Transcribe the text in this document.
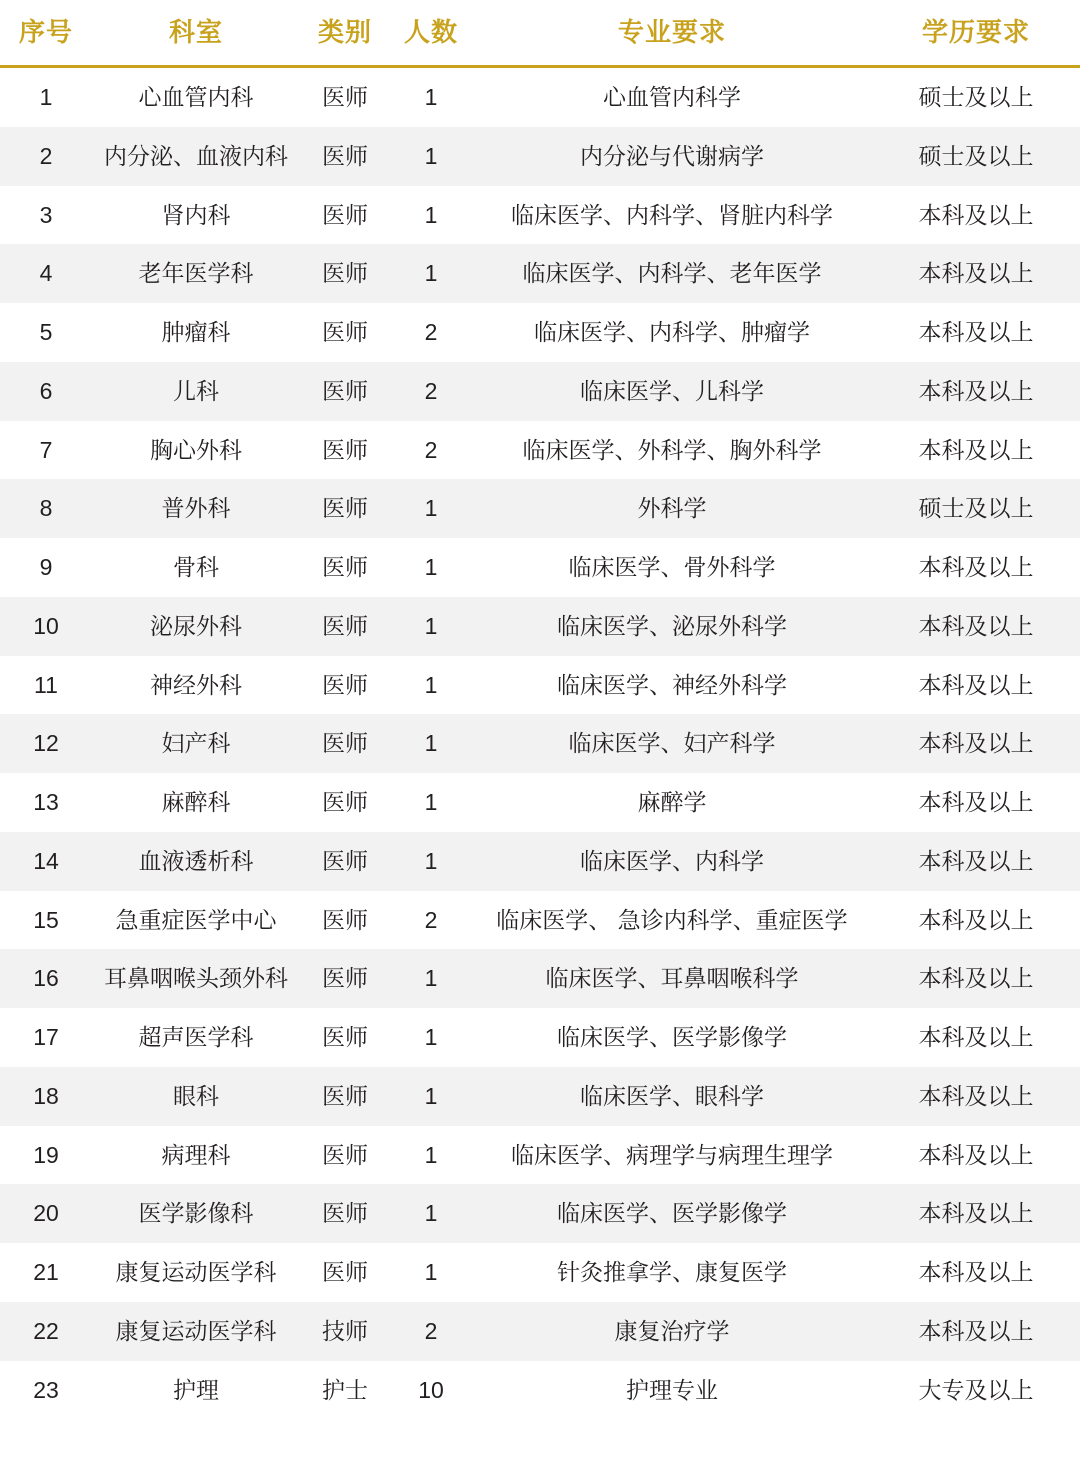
序号	科室	类别	人数	专业要求	学历要求
1	心血管内科	医师	1	心血管内科学	硕士及以上
2	内分泌、血液内科	医师	1	内分泌与代谢病学	硕士及以上
3	肾内科	医师	1	临床医学、内科学、肾脏内科学	本科及以上
4	老年医学科	医师	1	临床医学、内科学、老年医学	本科及以上
5	肿瘤科	医师	2	临床医学、内科学、肿瘤学	本科及以上
6	儿科	医师	2	临床医学、儿科学	本科及以上
7	胸心外科	医师	2	临床医学、外科学、胸外科学	本科及以上
8	普外科	医师	1	外科学	硕士及以上
9	骨科	医师	1	临床医学、骨外科学	本科及以上
10	泌尿外科	医师	1	临床医学、泌尿外科学	本科及以上
11	神经外科	医师	1	临床医学、神经外科学	本科及以上
12	妇产科	医师	1	临床医学、妇产科学	本科及以上
13	麻醉科	医师	1	麻醉学	本科及以上
14	血液透析科	医师	1	临床医学、内科学	本科及以上
15	急重症医学中心	医师	2	临床医学、 急诊内科学、重症医学	本科及以上
16	耳鼻咽喉头颈外科	医师	1	临床医学、耳鼻咽喉科学	本科及以上
17	超声医学科	医师	1	临床医学、医学影像学	本科及以上
18	眼科	医师	1	临床医学、眼科学	本科及以上
19	病理科	医师	1	临床医学、病理学与病理生理学	本科及以上
20	医学影像科	医师	1	临床医学、医学影像学	本科及以上
21	康复运动医学科	医师	1	针灸推拿学、康复医学	本科及以上
22	康复运动医学科	技师	2	康复治疗学	本科及以上
23	护理	护士	10	护理专业	大专及以上
